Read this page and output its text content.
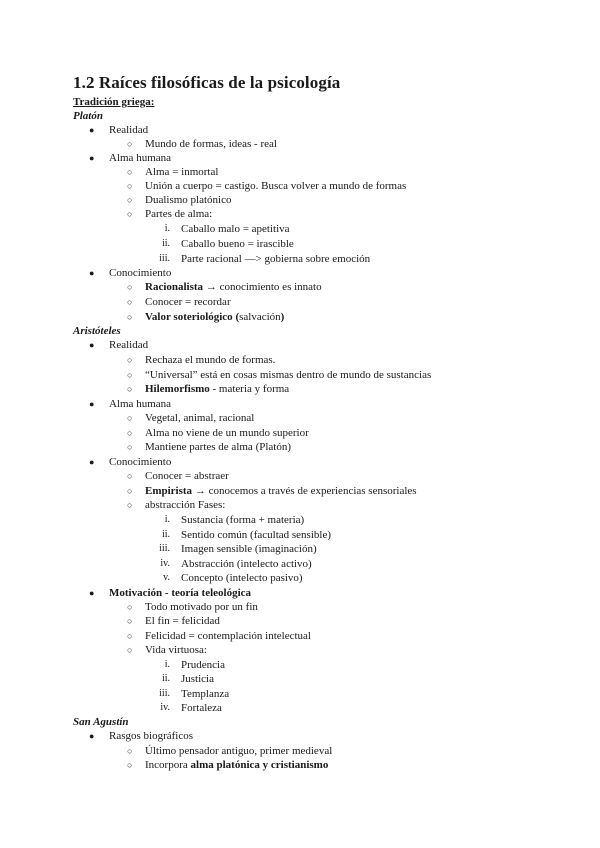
1.2 Raíces filosóficas de la psicología
Tradición griega:
Platón
● Realidad
○ Mundo de formas, ideas - real
● Alma humana
○ Alma = inmortal
○ Unión a cuerpo = castigo. Busca volver a mundo de formas
○ Dualismo platónico
○ Partes de alma:
i. Caballo malo = apetitiva
ii. Caballo bueno = irascible
iii. Parte racional —> gobierna sobre emoción
● Conocimiento
○ Racionalista → conocimiento es innato
○ Conocer = recordar
○ Valor soteriológico (salvación)
Aristóteles
● Realidad
○ Rechaza el mundo de formas.
○ “Universal” está en cosas mismas dentro de mundo de sustancias
○ Hilemorfismo - materia y forma
● Alma humana
○ Vegetal, animal, racional
○ Alma no viene de un mundo superior
○ Mantiene partes de alma (Platón)
● Conocimiento
○ Conocer = abstraer
○ Empirista → conocemos a través de experiencias sensoriales
○ abstracción Fases:
i. Sustancia (forma + materia)
ii. Sentido común (facultad sensible)
iii. Imagen sensible (imaginación)
iv. Abstracción (intelecto activo)
v. Concepto (intelecto pasivo)
● Motivación - teoría teleológica
○ Todo motivado por un fin
○ El fin = felicidad
○ Felicidad = contemplación intelectual
○ Vida virtuosa:
i. Prudencia
ii. Justicia
iii. Templanza
iv. Fortaleza
San Agustín
● Rasgos biográficos
○ Último pensador antiguo, primer medieval
○ Incorpora alma platónica y cristianismo
